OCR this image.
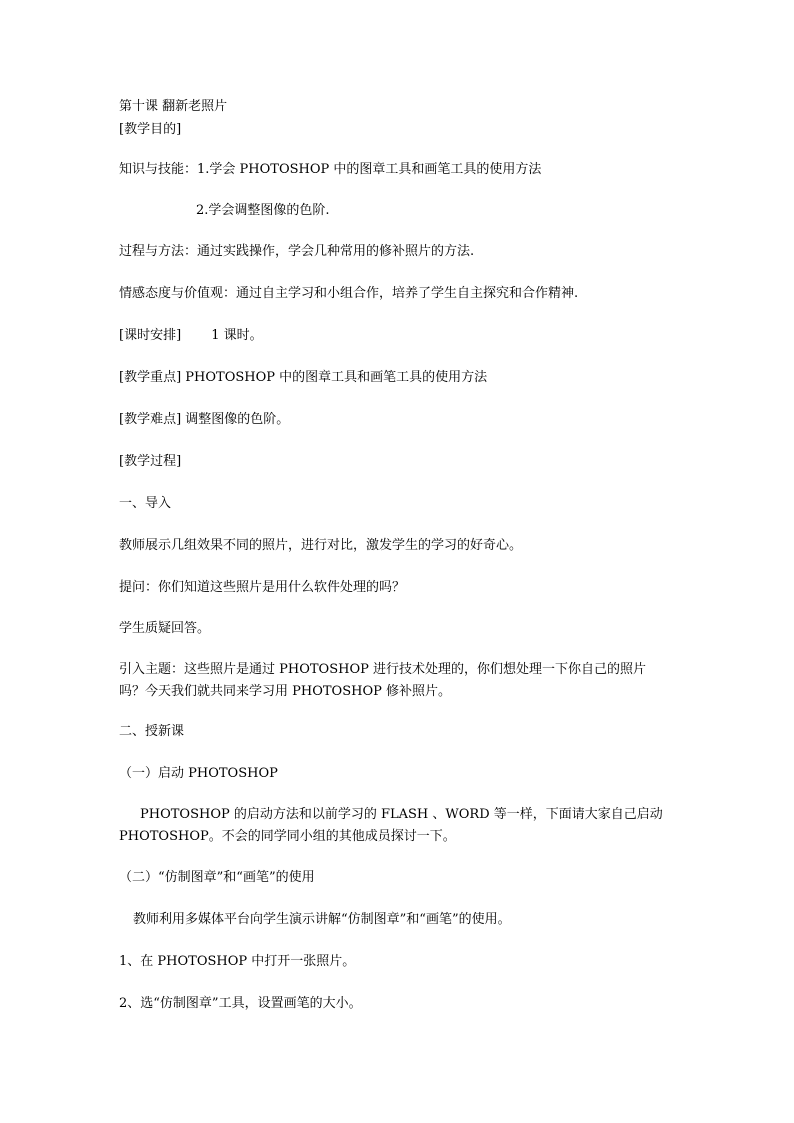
第十课 翻新老照片
[教学目的]
知识与技能：1.学会 PHOTOSHOP 中的图章工具和画笔工具的使用方法
2.学会调整图像的色阶.
过程与方法：通过实践操作，学会几种常用的修补照片的方法.
情感态度与价值观：通过自主学习和小组合作，培养了学生自主探究和合作精神.
[课时安排]　　 1 课时。
[教学重点] PHOTOSHOP 中的图章工具和画笔工具的使用方法
[教学难点] 调整图像的色阶。
[教学过程]
一、导入
教师展示几组效果不同的照片，进行对比，激发学生的学习的好奇心。
提问：你们知道这些照片是用什么软件处理的吗？
学生质疑回答。
引入主题：这些照片是通过 PHOTOSHOP 进行技术处理的，你们想处理一下你自己的照片
吗？今天我们就共同来学习用 PHOTOSHOP 修补照片。
二、授新课
（一）启动 PHOTOSHOP
PHOTOSHOP 的启动方法和以前学习的 FLASH 、WORD 等一样，下面请大家自己启动
PHOTOSHOP。不会的同学同小组的其他成员探讨一下。
（二）“仿制图章”和“画笔”的使用
教师利用多媒体平台向学生演示讲解“仿制图章”和“画笔”的使用。
1、在 PHOTOSHOP 中打开一张照片。
2、选“仿制图章”工具，设置画笔的大小。
